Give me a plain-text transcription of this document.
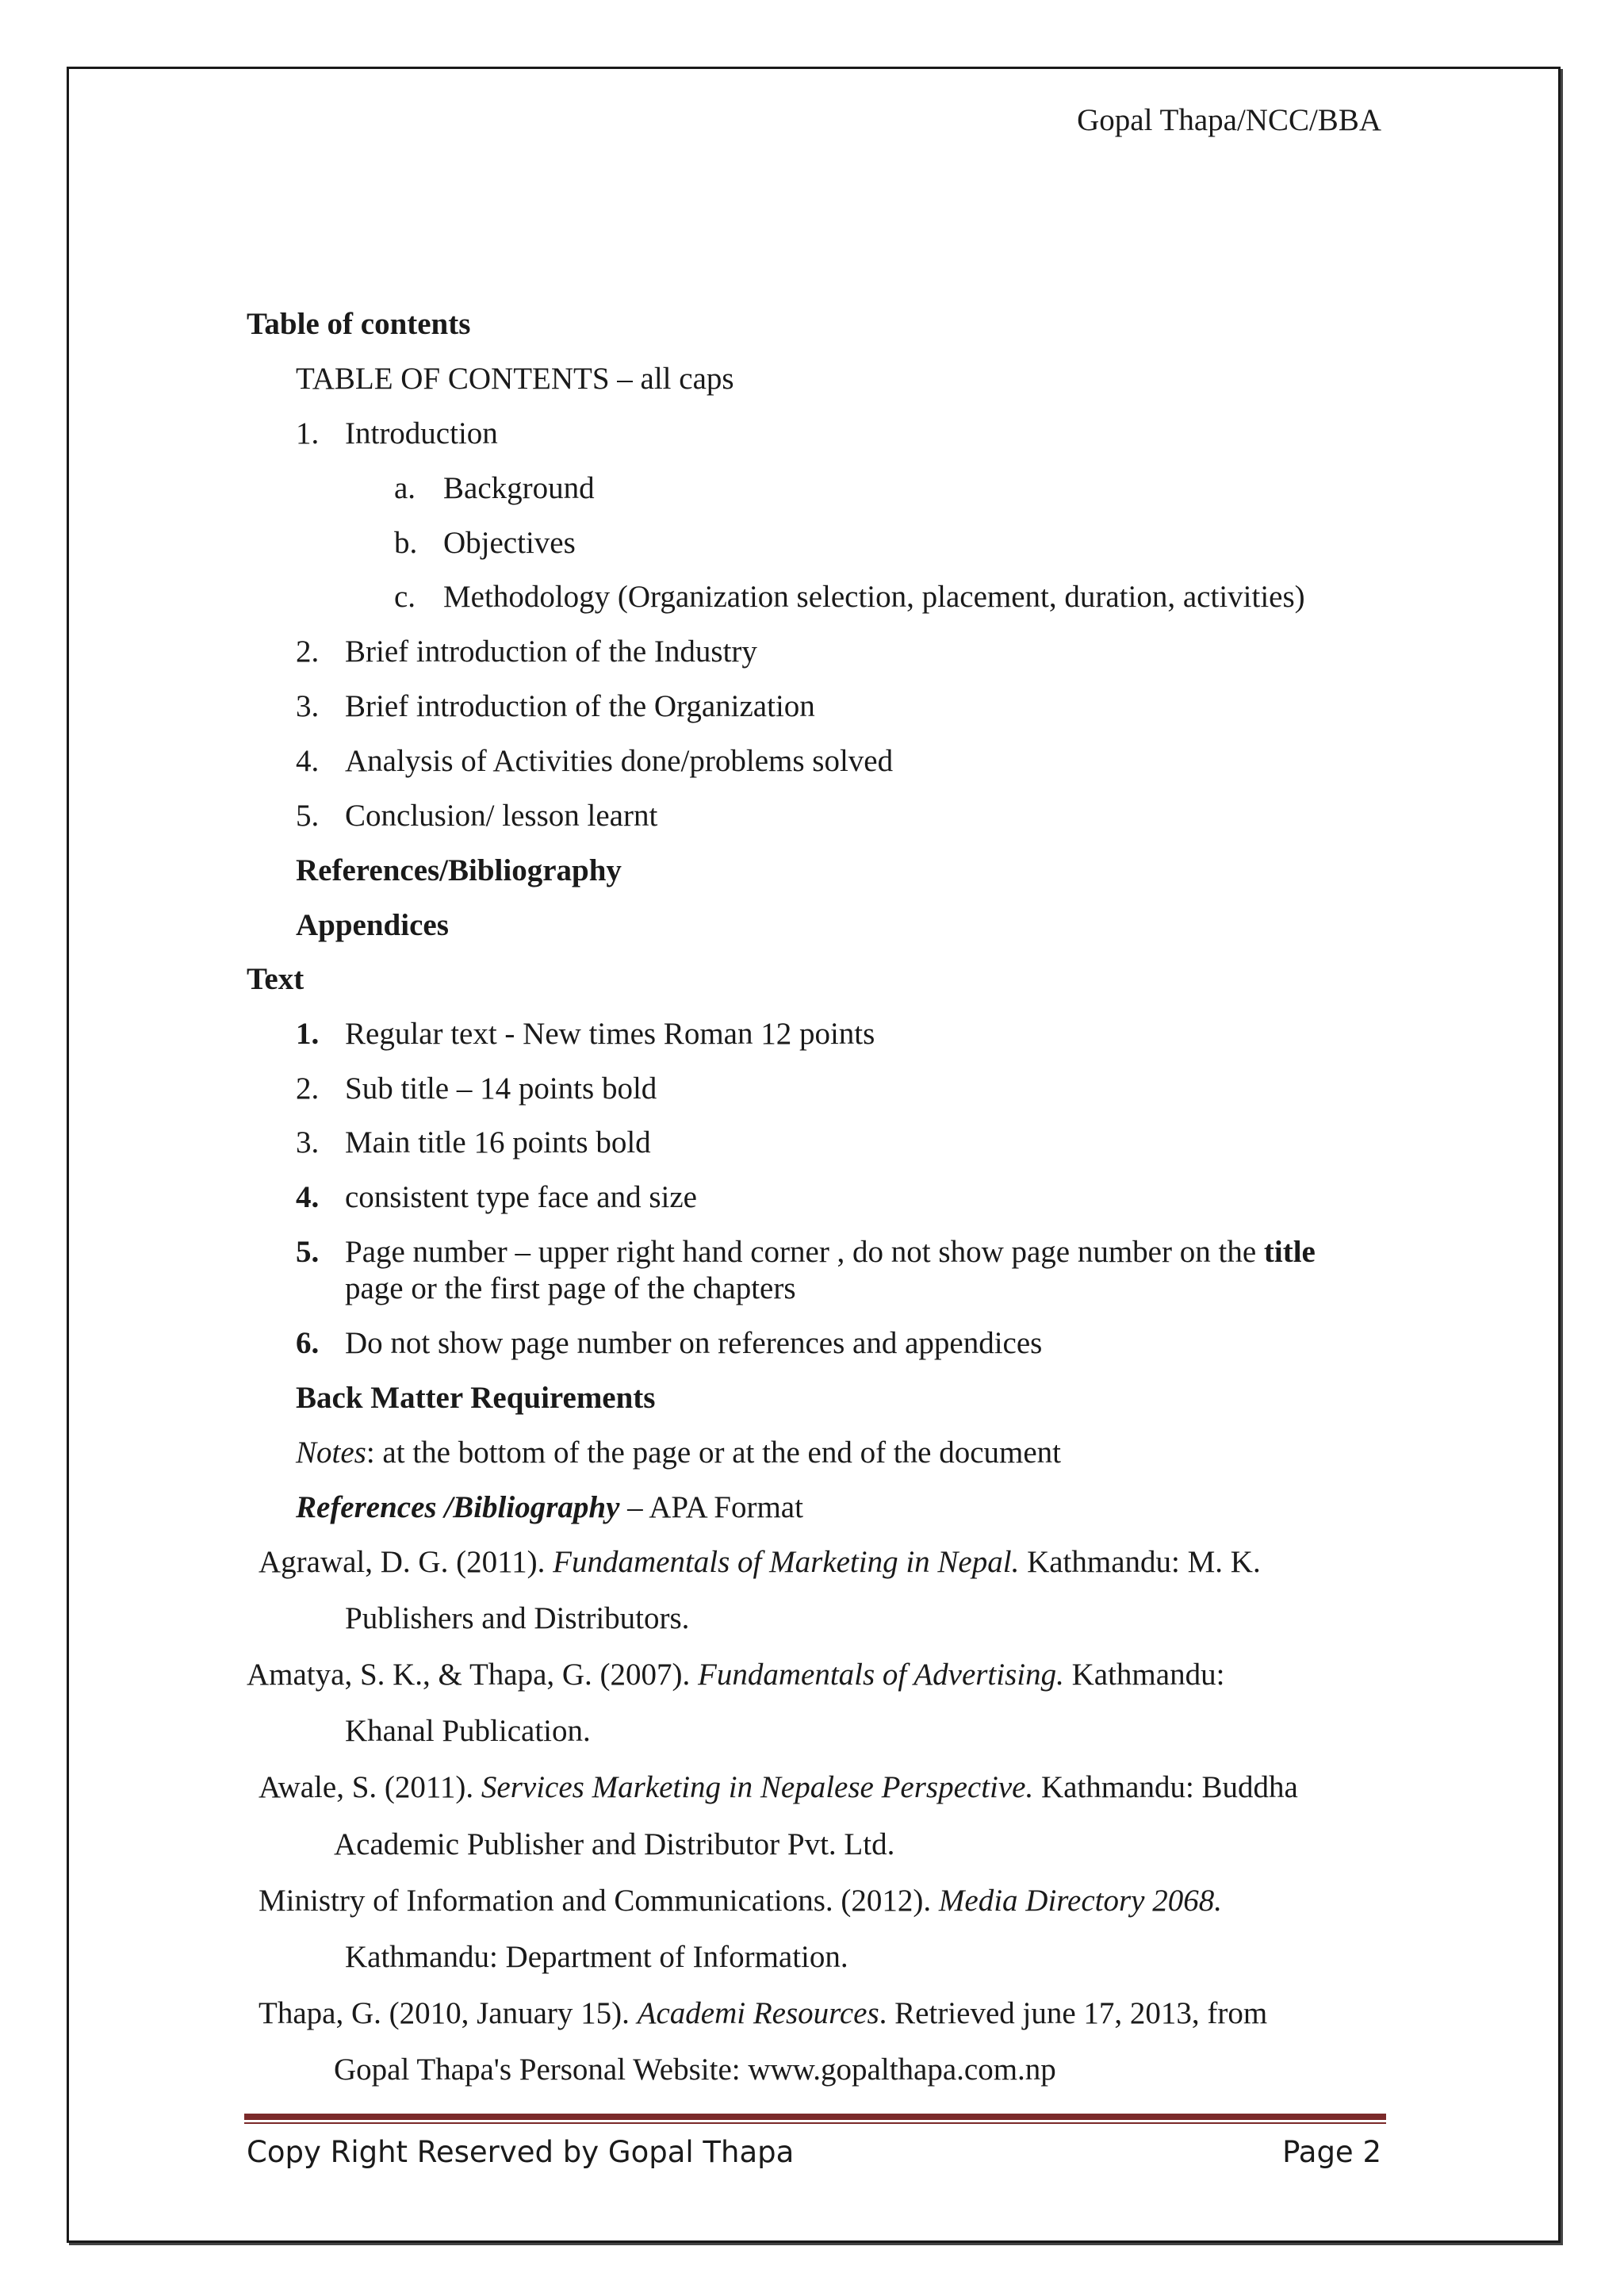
Gopal Thapa/NCC/BBA
Table of contents
TABLE OF CONTENTS – all caps
1. Introduction
a. Background
b. Objectives
c. Methodology (Organization selection, placement, duration, activities)
2. Brief introduction of the Industry
3. Brief introduction of the Organization
4. Analysis of Activities done/problems solved
5. Conclusion/ lesson learnt
References/Bibliography
Appendices
Text
1. Regular text - New times Roman 12 points
2. Sub title – 14 points bold
3. Main title 16 points bold
4. consistent type face and size
5. Page number – upper right hand corner , do not show page number on the title
page or the first page of the chapters
6. Do not show page number on references and appendices
Back Matter Requirements
Notes: at the bottom of the page or at the end of the document
References /Bibliography – APA Format
Agrawal, D. G. (2011). Fundamentals of Marketing in Nepal. Kathmandu: M. K.
Publishers and Distributors.
Amatya, S. K., & Thapa, G. (2007). Fundamentals of Advertising. Kathmandu:
Khanal Publication.
Awale, S. (2011). Services Marketing in Nepalese Perspective. Kathmandu: Buddha
Academic Publisher and Distributor Pvt. Ltd.
Ministry of Information and Communications. (2012). Media Directory 2068.
Kathmandu: Department of Information.
Thapa, G. (2010, January 15). Academi Resources. Retrieved june 17, 2013, from
Gopal Thapa's Personal Website: www.gopalthapa.com.np
Copy Right Reserved by Gopal Thapa	Page 2
